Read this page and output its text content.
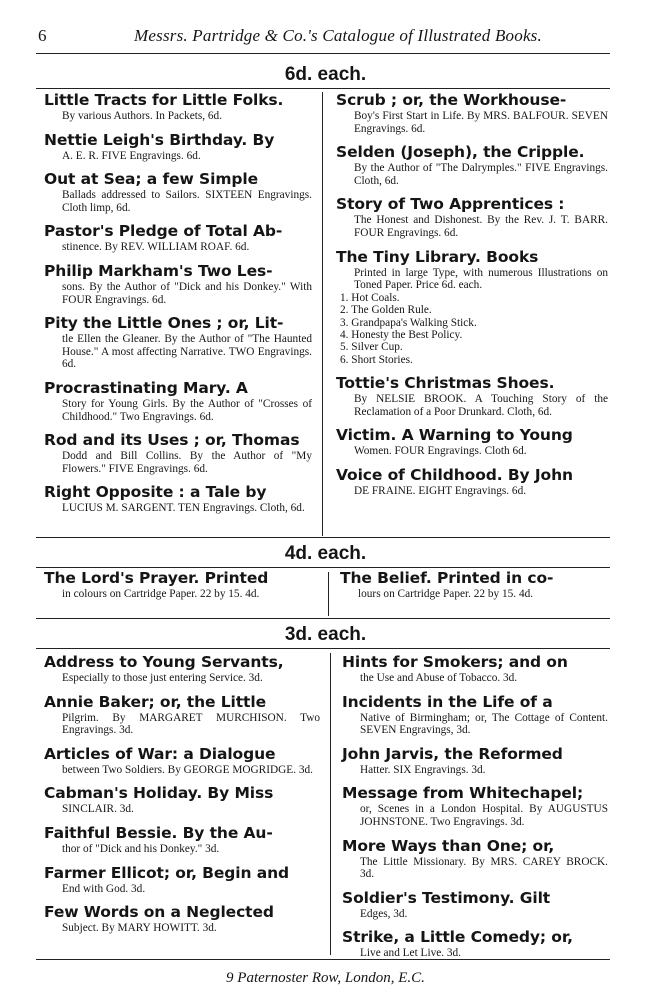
6	Messrs. Partridge & Co.'s Catalogue of Illustrated Books.
6d. each.
Little Tracts for Little Folks.
By various Authors. In Packets, 6d.
Nettie Leigh's Birthday. By
A. E. R. FIVE Engravings. 6d.
Out at Sea; a few Simple
Ballads addressed to Sailors. SIXTEEN Engravings. Cloth limp, 6d.
Pastor's Pledge of Total Ab-
stinence. By REV. WILLIAM ROAF. 6d.
Philip Markham's Two Les-
sons. By the Author of "Dick and his Donkey." With FOUR Engravings. 6d.
Pity the Little Ones ; or, Lit-
tle Ellen the Gleaner. By the Author of "The Haunted House." A most affecting Narrative. TWO Engravings. 6d.
Procrastinating Mary. A
Story for Young Girls. By the Author of "Crosses of Childhood." Two Engravings. 6d.
Rod and its Uses ; or, Thomas
Dodd and Bill Collins. By the Author of "My Flowers." FIVE Engravings. 6d.
Right Opposite : a Tale by
LUCIUS M. SARGENT. TEN Engravings. Cloth, 6d.
Scrub ; or, the Workhouse-
Boy's First Start in Life. By MRS. BALFOUR. SEVEN Engravings. 6d.
Selden (Joseph), the Cripple.
By the Author of "The Dalrymples." FIVE Engravings. Cloth, 6d.
Story of Two Apprentices :
The Honest and Dishonest. By the Rev. J. T. BARR. FOUR Engravings. 6d.
The Tiny Library. Books
Printed in large Type, with numerous Illustrations on Toned Paper. Price 6d. each.
1. Hot Coals.
2. The Golden Rule.
3. Grandpapa's Walking Stick.
4. Honesty the Best Policy.
5. Silver Cup.
6. Short Stories.
Tottie's Christmas Shoes.
By NELSIE BROOK. A Touching Story of the Reclamation of a Poor Drunkard. Cloth, 6d.
Victim. A Warning to Young
Women. FOUR Engravings. Cloth 6d.
Voice of Childhood. By John
DE FRAINE. EIGHT Engravings. 6d.
4d. each.
The Lord's Prayer. Printed
in colours on Cartridge Paper. 22 by 15. 4d.
The Belief. Printed in co-
lours on Cartridge Paper. 22 by 15. 4d.
3d. each.
Address to Young Servants,
Especially to those just entering Service. 3d.
Annie Baker; or, the Little
Pilgrim. By MARGARET MURCHISON. Two Engravings. 3d.
Articles of War: a Dialogue
between Two Soldiers. By GEORGE MOGRIDGE. 3d.
Cabman's Holiday. By Miss
SINCLAIR. 3d.
Faithful Bessie. By the Au-
thor of "Dick and his Donkey." 3d.
Farmer Ellicot; or, Begin and
End with God. 3d.
Few Words on a Neglected
Subject. By MARY HOWITT. 3d.
Hints for Smokers; and on
the Use and Abuse of Tobacco. 3d.
Incidents in the Life of a
Native of Birmingham; or, The Cottage of Content. SEVEN Engravings, 3d.
John Jarvis, the Reformed
Hatter. SIX Engravings. 3d.
Message from Whitechapel;
or, Scenes in a London Hospital. By AUGUSTUS JOHNSTONE. Two Engravings. 3d.
More Ways than One; or,
The Little Missionary. By MRS. CAREY BROCK. 3d.
Soldier's Testimony. Gilt
Edges, 3d.
Strike, a Little Comedy; or,
Live and Let Live. 3d.
9 Paternoster Row, London, E.C.
